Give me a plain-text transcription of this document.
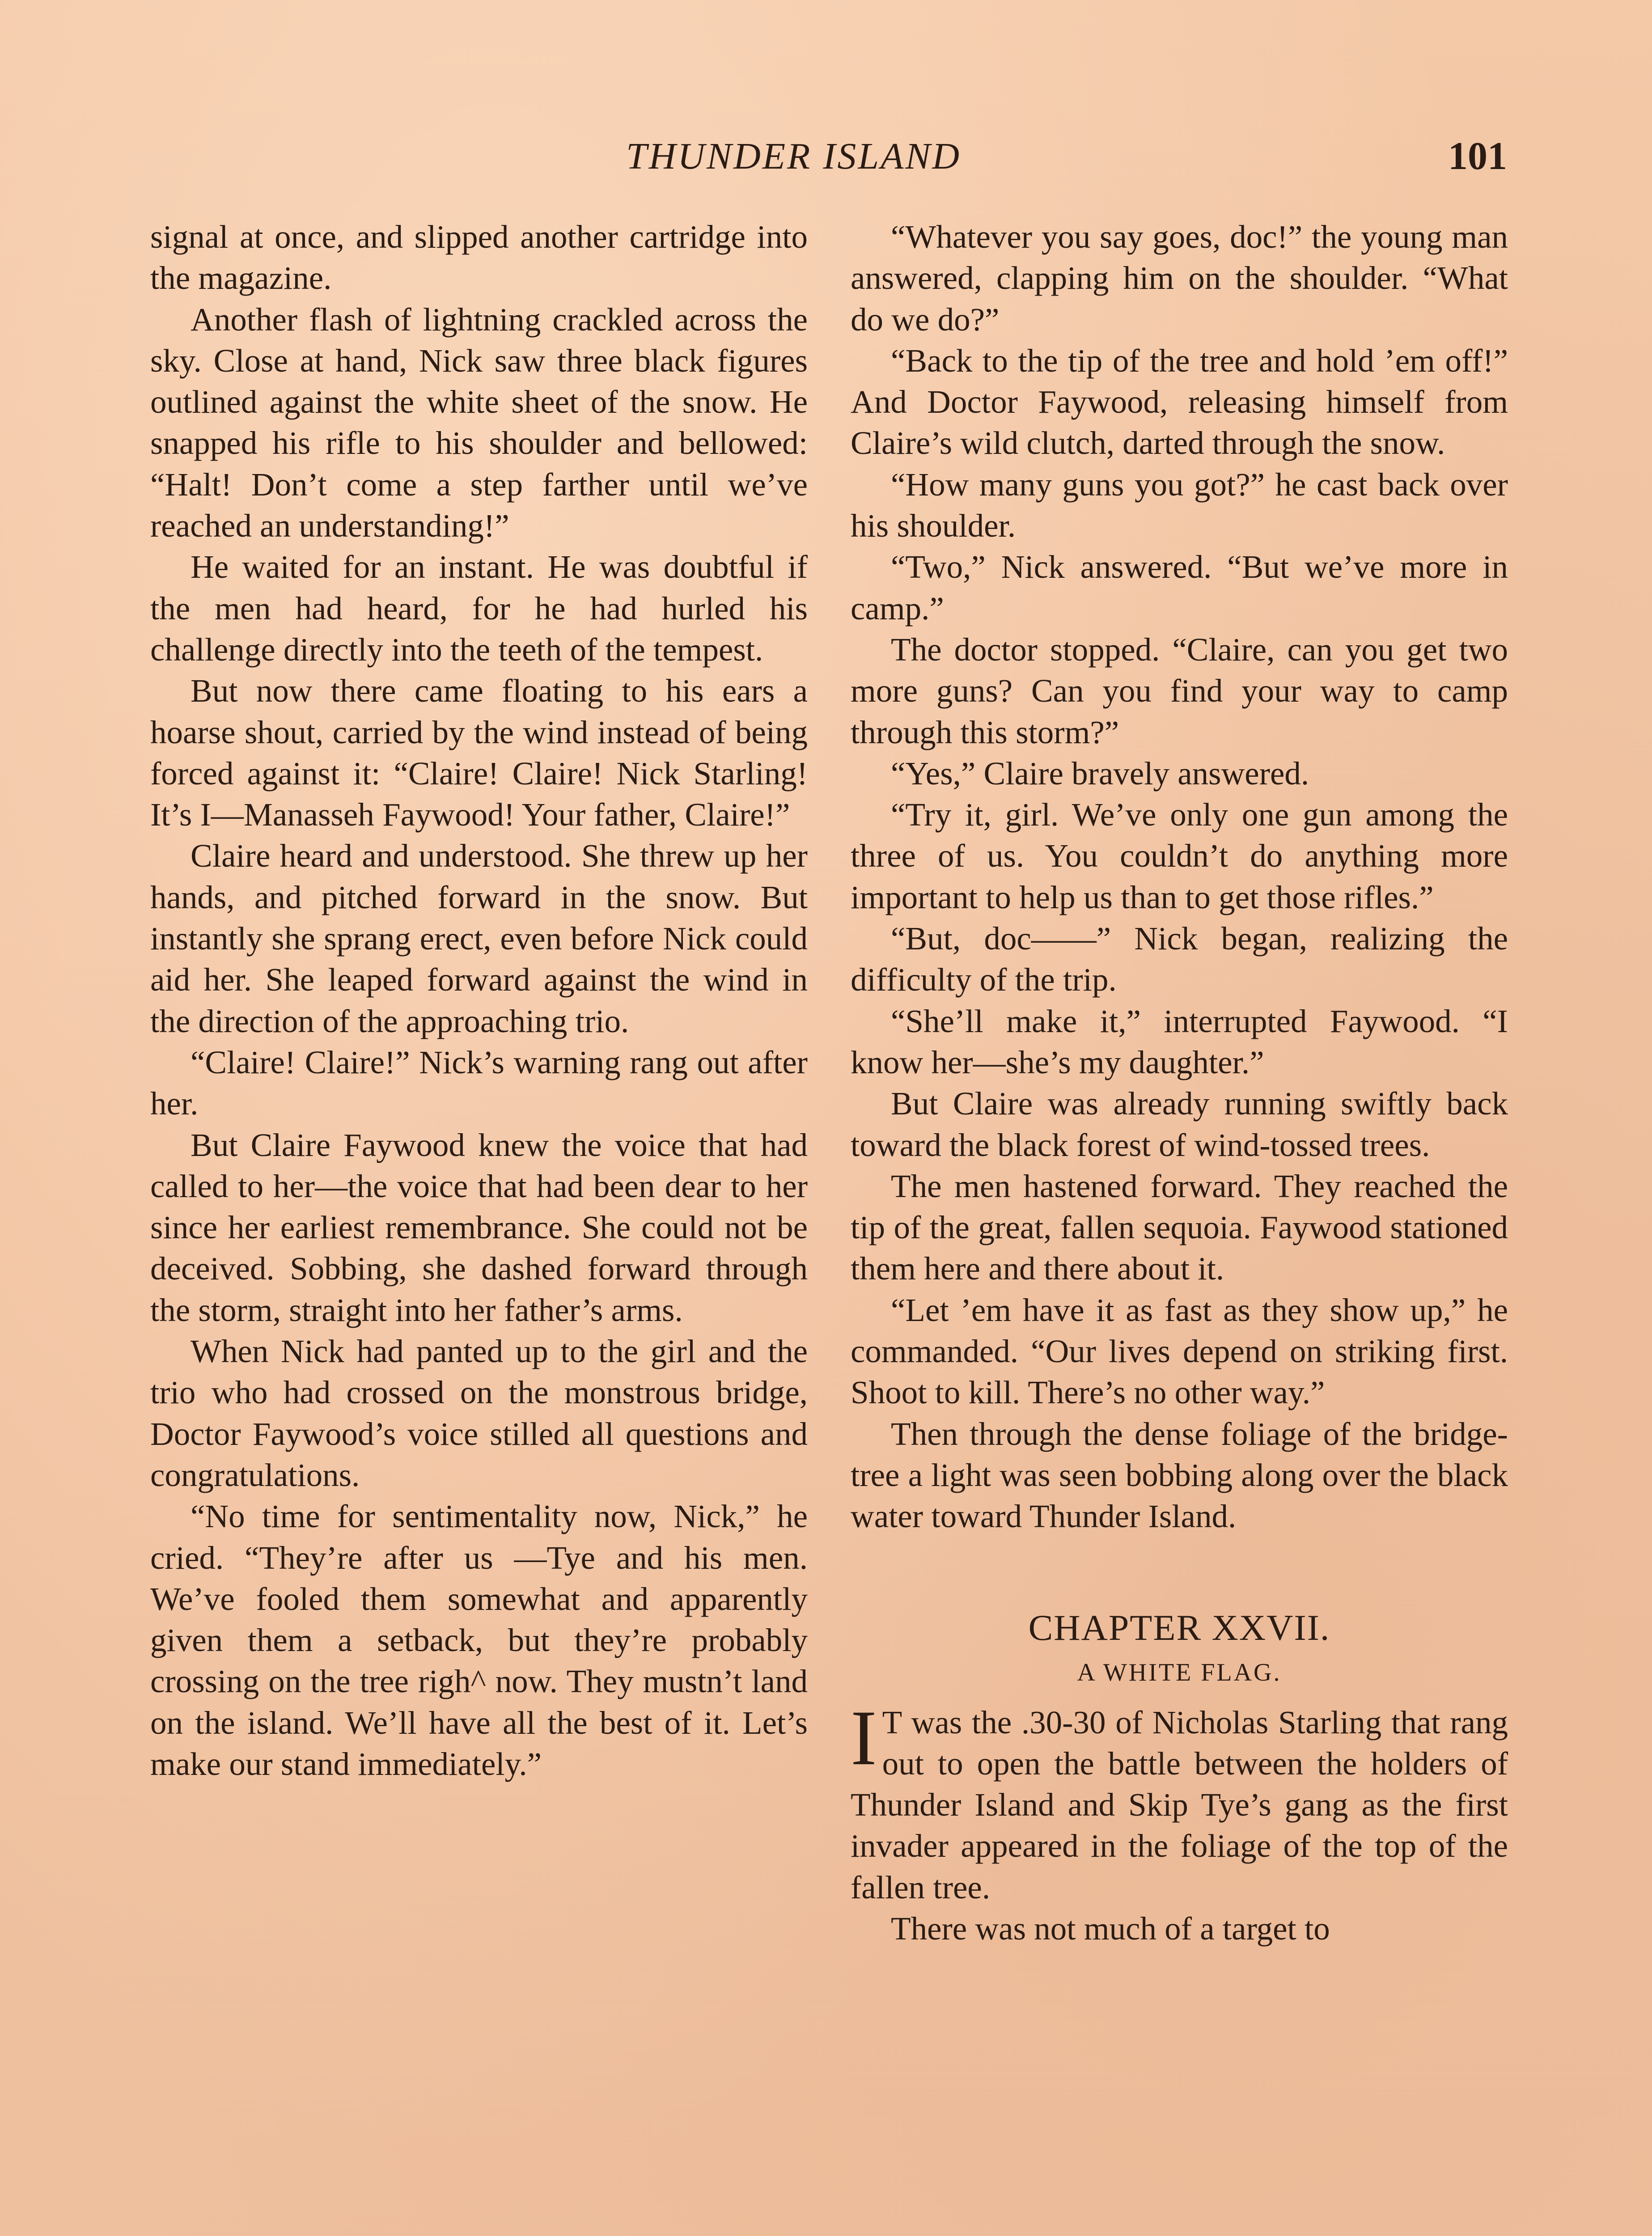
THUNDER ISLAND	101

signal at once, and slipped another cartridge into the magazine.

Another flash of lightning crackled across the sky. Close at hand, Nick saw three black figures outlined against the white sheet of the snow. He snapped his rifle to his shoulder and bellowed: “Halt! Don’t come a step farther until we’ve reached an understanding!”

He waited for an instant. He was doubtful if the men had heard, for he had hurled his challenge directly into the teeth of the tempest.

But now there came floating to his ears a hoarse shout, carried by the wind instead of being forced against it: “Claire! Claire! Nick Starling! It’s I—Manasseh Faywood! Your father, Claire!”

Claire heard and understood. She threw up her hands, and pitched forward in the snow. But instantly she sprang erect, even before Nick could aid her. She leaped forward against the wind in the direction of the approaching trio.

“Claire! Claire!” Nick’s warning rang out after her.

But Claire Faywood knew the voice that had called to her—the voice that had been dear to her since her earliest remembrance. She could not be deceived. Sobbing, she dashed forward through the storm, straight into her father’s arms.

When Nick had panted up to the girl and the trio who had crossed on the monstrous bridge, Doctor Faywood’s voice stilled all questions and congratulations.

“No time for sentimentality now, Nick,” he cried. “They’re after us —Tye and his men. We’ve fooled them somewhat and apparently given them a setback, but they’re probably crossing on the tree righ^ now. They mustn’t land on the island. We’ll have all the best of it. Let’s make our stand immediately.”

“Whatever you say goes, doc!” the young man answered, clapping him on the shoulder. “What do we do?”

“Back to the tip of the tree and hold ’em off!” And Doctor Faywood, releasing himself from Claire’s wild clutch, darted through the snow.

“How many guns you got?” he cast back over his shoulder.

“Two,” Nick answered. “But we’ve more in camp.”

The doctor stopped. “Claire, can you get two more guns? Can you find your way to camp through this storm?”

“Yes,” Claire bravely answered.

“Try it, girl. We’ve only one gun among the three of us. You couldn’t do anything more important to help us than to get those rifles.”

“But, doc——” Nick began, realizing the difficulty of the trip.

“She’ll make it,” interrupted Faywood. “I know her—she’s my daughter.”

But Claire was already running swiftly back toward the black forest of wind-tossed trees.

The men hastened forward. They reached the tip of the great, fallen sequoia. Faywood stationed them here and there about it.

“Let ’em have it as fast as they show up,” he commanded. “Our lives depend on striking first. Shoot to kill. There’s no other way.”

Then through the dense foliage of the bridge-tree a light was seen bobbing along over the black water toward Thunder Island.

CHAPTER XXVII.
A WHITE FLAG.

I T was the .30-30 of Nicholas Starling that rang out to open the battle between the holders of Thunder Island and Skip Tye’s gang as the first invader appeared in the foliage of the top of the fallen tree.

There was not much of a target to
